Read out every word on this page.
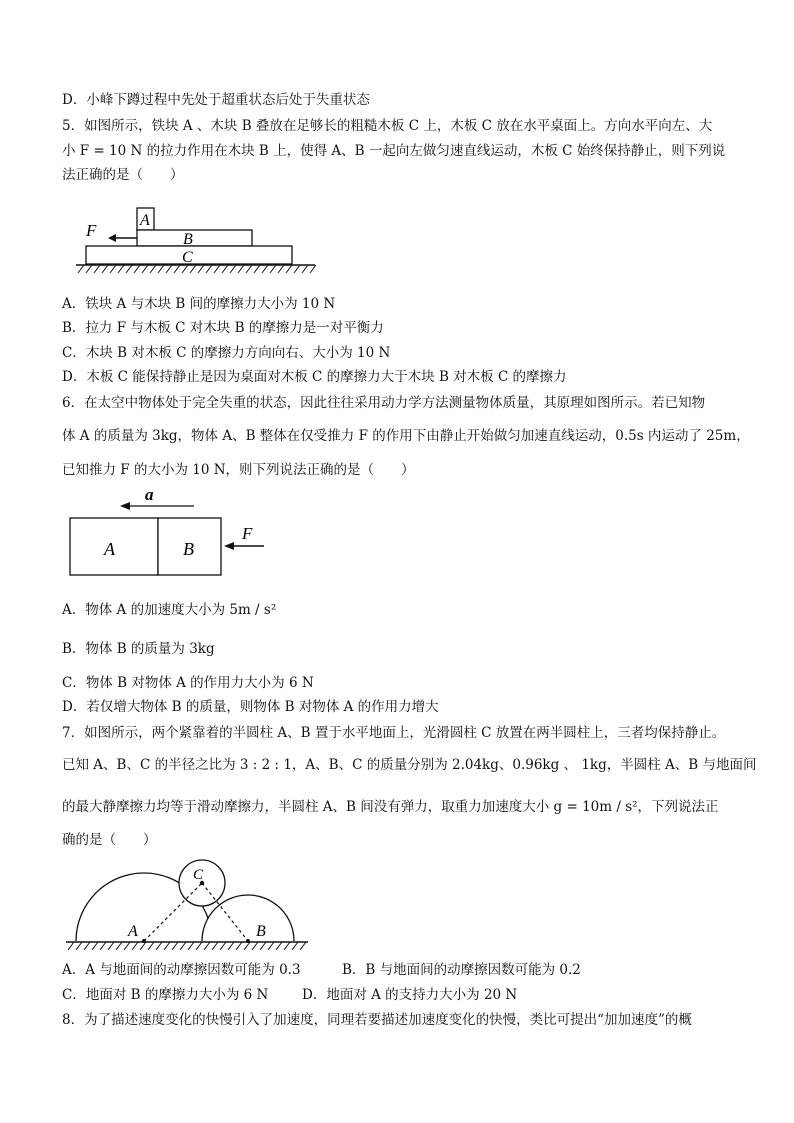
D．小峰下蹲过程中先处于超重状态后处于失重状态
5．如图所示，铁块 A 、木块 B 叠放在足够长的粗糙木板 C 上，木板 C 放在水平桌面上。方向水平向左、大
小 F = 10 N 的拉力作用在木块 B 上，使得 A、B 一起向左做匀速直线运动，木板 C 始终保持静止，则下列说
法正确的是（　　）
F
A
B
C
A．铁块 A 与木块 B 间的摩擦力大小为 10 N
B．拉力 F 与木板 C 对木块 B 的摩擦力是一对平衡力
C．木块 B 对木板 C 的摩擦力方向向右、大小为 10 N
D．木板 C 能保持静止是因为桌面对木板 C 的摩擦力大于木块 B 对木板 C 的摩擦力
6．在太空中物体处于完全失重的状态，因此往往采用动力学方法测量物体质量，其原理如图所示。若已知物
体 A 的质量为 3kg，物体 A、B 整体在仅受推力 F 的作用下由静止开始做匀加速直线运动，0.5s 内运动了 25m，
已知推力 F 的大小为 10 N，则下列说法正确的是（　　）
a
A	B
F
A．物体 A 的加速度大小为 5m / s²
B．物体 B 的质量为 3kg
C．物体 B 对物体 A 的作用力大小为 6 N
D．若仅增大物体 B 的质量，则物体 B 对物体 A 的作用力增大
7．如图所示，两个紧靠着的半圆柱 A、B 置于水平地面上，光滑圆柱 C 放置在两半圆柱上，三者均保持静止。
已知 A、B、C 的半径之比为 3 : 2 : 1，A、B、C 的质量分别为 2.04kg、0.96kg 、 1kg，半圆柱 A、B 与地面间
的最大静摩擦力均等于滑动摩擦力，半圆柱 A、B 间没有弹力，取重力加速度大小 g = 10m / s²，下列说法正
确的是（　　）
C
A	B
A．A 与地面间的动摩擦因数可能为 0.3	B．B 与地面间的动摩擦因数可能为 0.2
C．地面对 B 的摩擦力大小为 6 N D．地面对 A 的支持力大小为 20 N
8．为了描述速度变化的快慢引入了加速度，同理若要描述加速度变化的快慢，类比可提出“加加速度”的概
